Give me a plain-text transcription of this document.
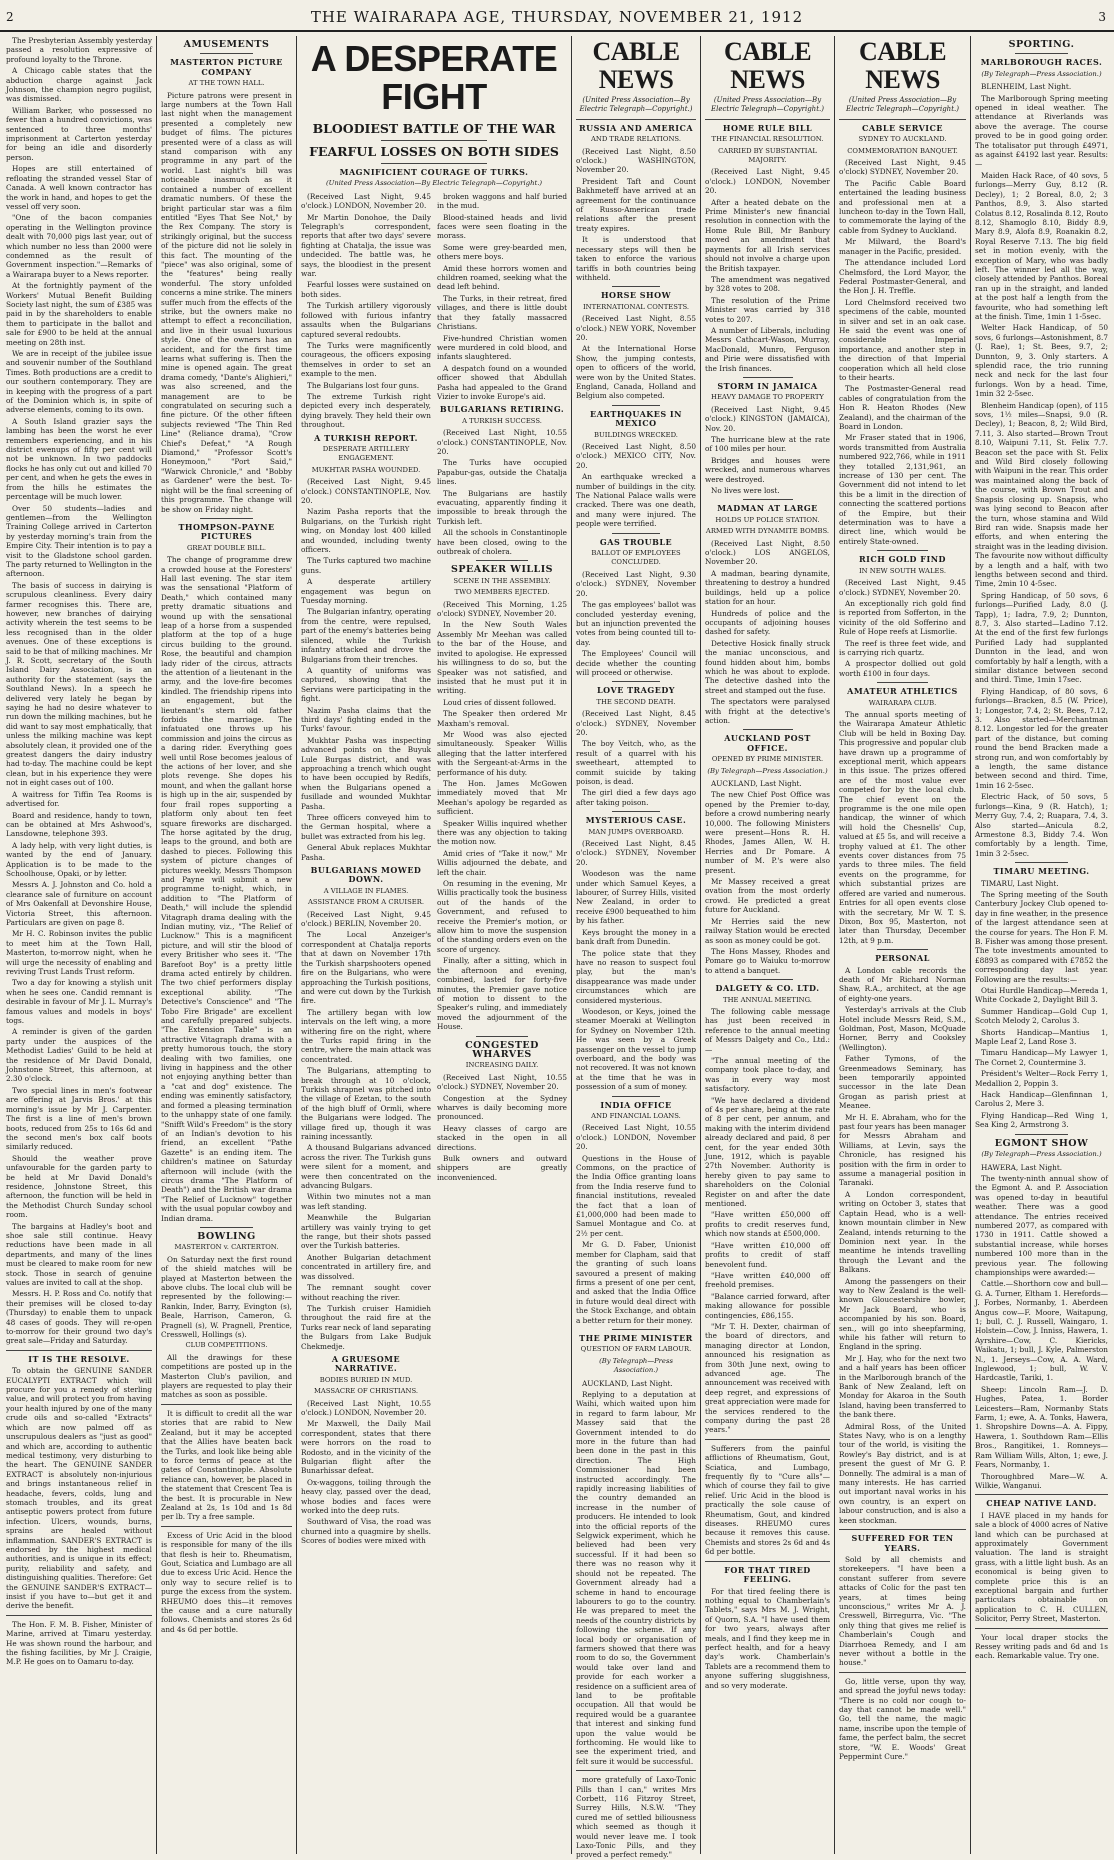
2	THE WAIRARAPA AGE, THURSDAY, NOVEMBER 21, 1912	3

The Presbyterian Assembly yesterday passed a resolution expressive of profound loyalty to the Throne.

A Chicago cable states that the abduction charge against Jack Johnson, the champion negro pugilist, was dismissed.

William Barker, who possessed no fewer than a hundred convictions, was sentenced to three months' imprisonment at Carterton yesterday for being an idle and disorderly person.

Hopes are still entertained of refloating the stranded vessel Star of Canada. A well known contractor has the work in hand, and hopes to get the vessel off very soon.

"One of the bacon companies operating in the Wellington province dealt with 70,000 pigs last year, out of which number no less than 2000 were condemned as the result of Government inspection."—Remarks of a Wairarapa buyer to a News reporter.

At the fortnightly payment of the Workers' Mutual Benefit Building Society last night, the sum of £385 was paid in by the shareholders to enable them to participate in the ballot and sale for £900 to be held at the annual meeting on 28th inst.

We are in receipt of the jubilee issue and souvenir number of the Southland Times. Both productions are a credit to our southern contemporary. They are in keeping with the progress of a part of the Dominion which is, in spite of adverse elements, coming to its own.

A South Island grazier says the lambing has been the worst he ever remembers experiencing, and in his district ewenups of fifty per cent will not be unknown. In two paddocks flocks he has only cut out and killed 70 per cent, and when he gets the ewes in from the hills he estimates the percentage will be much lower.

Over 50 students—ladies and gentlemen—from the Wellington Training College arrived in Carterton by yesterday morning's train from the Empire City. Their intention is to pay a visit to the Gladstone school garden. The party returned to Wellington in the afternoon.

The basis of success in dairying is scrupulous cleanliness. Every dairy farmer recognises this. There are, however, new branches of dairying activity wherein the test seems to be less recognised than in the older avenues. One of these exceptions is said to be that of milking machines. Mr J. R. Scott, secretary of the South Island Dairy Association, is an authority for the statement (says the Southland News). In a speech he delivered very lately he began by saying he had no desire whatever to run down the milking machines, but he did want to say most emphatically, that unless the milking machine was kept absolutely clean, it provided one of the greatest dangers the dairy industry had to-day. The machine could be kept clean, but in his experience they were not in eight cases out of 100.

A waitress for Tiffin Tea Rooms is advertised for.

Board and residence, handy to town, can be obtained at Mrs Ashwood's, Lansdowne, telephone 393.

A lady help, with very light duties, is wanted by the end of January. Application is to be made to the Schoolhouse, Opaki, or by letter.

Messrs A. J. Johnston and Co. hold a clearance sale of furniture on account of Mrs Oakenfall at Devonshire House, Victoria Street, this afternoon. Particulars are given on page 8.

Mr H. C. Robinson invites the public to meet him at the Town Hall, Masterton, to-morrow night, when he will urge the necessity of enabling and reviving Trust Lands Trust reform.

Two a day for knowing a stylish unit when he sees one. Candid remnant is desirable in favour of Mr J. L. Murray's famous values and models in boys' togs.

A reminder is given of the garden party under the auspices of the Methodist Ladies' Guild to be held at the residence of Mr David Donald, Johnstone Street, this afternoon, at 2.30 o'clock.

Two special lines in men's footwear are offering at Jarvis Bros.' at this morning's issue by Mr J. Carpenter. The first is a line of men's brown boots, reduced from 25s to 16s 6d and the second men's box calf boots similarly reduced.

Should the weather prove unfavourable for the garden party to be held at Mr David Donald's residence, Johnstone Street, this afternoon, the function will be held in the Methodist Church Sunday school room.

The bargains at Hadley's boot and shoe sale still continue. Heavy reductions have been made in all departments, and many of the lines must be cleared to make room for new stock. Those in search of genuine values are invited to call at the shop.

Messrs. H. P. Ross and Co. notify that their premises will be closed to-day (Thursday) to enable them to unpack 48 cases of goods. They will re-open to-morrow for their ground two day's great sale—Friday and Saturday.

IT IS THE RESOLVE.

To obtain the GENUINE SANDER EUCALYPTI EXTRACT which will procure for you a remedy of sterling value, and will protect you from having your health injured by one of the many crude oils and so-called "Extracts" which are now palmed off as unscrupulous dealers as "just as good" and which are, according to authentic medical testimony, very disturbing to the heart. The GENUINE SANDER EXTRACT is absolutely non-injurious and brings instantaneous relief in headache, fevers, colds, lung and stomach troubles, and its great antiseptic powers protect from future infection. Ulcers, wounds, burns, sprains are healed without inflammation. SANDER'S EXTRACT is endorsed by the highest medical authorities, and is unique in its effect; purity, reliability and safety, and distinguishing qualities. Therefore: Get the GENUINE SANDER'S EXTRACT—insist if you have to—but get it and derive the benefit.

The Hon. F. M. B. Fisher, Minister of Marine, arrived at Timaru yesterday. He was shown round the harbour, and the fishing facilities, by Mr J. Craigie, M.P. He goes on to Oamaru to-day.

AMUSEMENTS
MASTERTON PICTURE COMPANY
AT THE TOWN HALL.

Picture patrons were present in large numbers at the Town Hall last night when the management presented a completely new budget of films. The pictures presented were of a class as will stand comparison with any programme in any part of the world. Last night's bill was noticeable inasmuch as it contained a number of excellent dramatic numbers. Of these the bright particular star was a film entitled "Eyes That See Not," by the Rex Company. The story is strikingly original, but the success of the picture did not lie solely in this fact. The mounting of the "piece" was also original, some of the "features" being really wonderful. The story unfolded concerns a mine strike. The miners suffer much from the effects of the strike, but the owners make no attempt to effect a reconciliation, and live in their usual luxurious style. One of the owners has an accident, and for the first time learns what suffering is. Then the mine is opened again. The great drama comedy, "Dante's Alighieri," was also screened, and the management are to be congratulated on securing such a fine picture. Of the other fifteen subjects reviewed "The Thin Red Line" (Reliance drama), "Crow Chief's Defeat," "A Rough Diamond," "Professor Scott's Honeymoon," "Port Said," "Warwick Chronicle," and "Bobby as Gardener" were the best. To-night will be the final screening of this programme. The change will be show on Friday night.

THOMPSON-PAYNE PICTURES
GREAT DOUBLE BILL.

The change of programme drew a crowded house at the Foresters' Hall last evening. The star item was the sensational "Platform of Death," which contained many pretty dramatic situations and wound up with the sensational leap of a horse from a suspended platform at the top of a huge circus building to the ground. Rose, the beautiful and champion lady rider of the circus, attracts the attention of a lieutenant in the army, and the love-fire becomes kindled. The friendship ripens into an engagement, but the lieutenant's stern old father forbids the marriage. The infatuated one throws up his commission and joins the circus as a daring rider. Everything goes well until Rose becomes jealous of the actions of her lover, and she plots revenge. She dopes his mount, and when the gallant horse is high up in the air, suspended by four frail ropes supporting a platform only about ten feet square fireworks are discharged. The horse agitated by the drug, leaps to the ground, and both are dashed to pieces. Following this system of picture changes of pictures weekly, Messrs Thompson and Payne will submit a new programme to-night, which, in addition to "The Platform of Death," will include the splendid Vitagraph drama dealing with the Indian mutiny, viz., "The Relief of Lucknow." This is a magnificent picture, and will stir the blood of every Britisher who sees it. "The Barefoot Boy" is a pretty little drama acted entirely by children. The two chief performers display exceptional ability. "The Detective's Conscience" and "The Tobo Fire Brigade" are excellent and carefully prepared subjects. "The Extension Table" is an attractive Vitagraph drama with a pretty humorous touch, the story dealing with two families, one living in happiness and the other not enjoying anything better than a "cat and dog" existence. The ending was eminently satisfactory, and formed a pleasing termination to the unhappy state of one family. "Snifft Wild's Freedom" is the story of an Indian's devotion to his friend, an excellent "Pathe Gazette" is an ending item. The children's matinee on Saturday afternoon will include (with the circus drama "The Platform of Death") and the British war drama "The Relief of Lucknow" together with the usual popular cowboy and Indian drama.

BOWLING
MASTERTON v. CARTERTON.

On Saturday next the first round of the shield matches will be played at Masterton between the above clubs. The local club will be represented by the following:—Rankin, Inder, Barry, Evington (s), Beale, Harrison, Cameron, G. Pragnell (s), W. Pragnell, Prentice, Cresswell, Hollings (s).

CLUB COMPETITIONS.

All the drawings for these competitions are posted up in the Masterton Club's pavilion, and players are requested to play their matches as soon as possible.

It is difficult to credit all the war stories that are rabid to New Zealand, but it may be accepted that the Allies have beaten back the Turks, and look like being able to force terms of peace at the gates of Constantinople. Absolute reliance can, however, be placed in the statement that Crescent Tea is the best. It is procurable in New Zealand at 2s, 1s 10d and 1s 8d per lb. Try a free sample.

Excess of Uric Acid in the blood is responsible for many of the ills that flesh is heir to. Rheumatism, Gout, Sciatica and Lumbago are all due to excess Uric Acid. Hence the only way to secure relief is to purge the excess from the system. RHEUMO does this—it removes the cause and a cure naturally follows. Chemists and stores 2s 6d and 4s 6d per bottle.

A DESPERATE FIGHT
BLOODIEST BATTLE OF THE WAR
FEARFUL LOSSES ON BOTH SIDES
MAGNIFICIENT COURAGE OF TURKS.
(United Press Association—By Electric Telegraph—Copyright.)

(Received Last Night, 9.45 o'clock.) LONDON, November 20.

Mr Martin Donohoe, the Daily Telegraph's correspondent, reports that after two days' severe fighting at Chatalja, the issue was undecided. The battle was, he says, the bloodiest in the present war.

Fearful losses were sustained on both sides.

The Turkish artillery vigorously followed with furious infantry assaults when the Bulgarians captured several redoubts.

The Turks were magnificently courageous, the officers exposing themselves in order to set an example to the men.

The Bulgarians lost four guns.

The extreme Turkish right depicted every inch desperately, dying bravely. They held their own throughout.

A TURKISH REPORT.
DESPERATE ARTILLERY ENGAGEMENT.
MUKHTAR PASHA WOUNDED.

(Received Last Night, 9.45 o'clock.) CONSTANTINOPLE, Nov. 20.

Nazim Pasha reports that the Bulgarians, on the Turkish right wing, on Monday lost 400 killed and wounded, including twenty officers.

The Turks captured two machine guns.

A desperate artillery engagement was begun on Tuesday morning.

The Bulgarian infantry, operating from the centre, were repulsed, part of the enemy's batteries being silenced, while the Turkish infantry attacked and drove the Bulgarians from their trenches.

A quantity of uniforms was captured, showing that the Servians were participating in the fight.

Nazim Pasha claims that the third days' fighting ended in the Turks' favour.

Mukhtar Pasha was inspecting advanced points on the Buyuk Lule Burgas district, and was approaching a trench which ought to have been occupied by Redifs, when the Bulgarians opened a fusillade and wounded Mukhtar Pasha.

Three officers conveyed him to the German hospital, where a bullet was extracted from his leg.

General Abuk replaces Mukhtar Pasha.

BULGARIANS MOWED DOWN.
A VILLAGE IN FLAMES.
ASSISTANCE FROM A CRUISER.

(Received Last Night, 9.45 o'clock.) BERLIN, November 20.

The Local Anzeiger's correspondent at Chatalja reports that at dawn on November 17th the Turkish sharpshooters opened fire on the Bulgarians, who were approaching the Turkish positions, and were cut down by the Turkish fire.

The artillery began with low intervals on the left wing, a more withering fire on the right, where the Turks rapid firing in the centre, where the main attack was concentrated.

The Bulgarians, attempting to break through at 10 o'clock, Turkish shrapnel was pitched into the village of Ezetan, to the south of the high bluff of Ormli, where the Bulgarians were lodged. The village fired up, though it was raining incessantly.

A thousand Bulgarians advanced across the river. The Turkish guns were silent for a moment, and were then concentrated on the advancing Bulgars.

Within two minutes not a man was left standing.

Meanwhile the Bulgarian artillery was vainly trying to get the range, but their shots passed over the Turkish batteries.

Another Bulgarian detachment concentrated in artillery fire, and was dissolved.

The remnant sought cover without reaching the river.

The Turkish cruiser Hamidieh throughout the raid fire at the Turks rear neck of land separating the Bulgars from Lake Budjuk Chekmedje.

A GRUESOME NARRATIVE.
BODIES BURIED IN MUD.
MASSACRE OF CHRISTIANS.

(Received Last Night, 10.55 o'clock.) LONDON, November 20.

Mr Maxwell, the Daily Mail correspondent, states that there were horrors on the road to Rodosto, and in the vicinity of the Bulgarian flight after the Bunarhissar defeat.

Ox-waggons, toiling through the heavy clay, passed over the dead, whose bodies and faces were worked into the deep ruts.

Southward of Visa, the road was churned into a quagmire by shells. Scores of bodies were mixed with

broken waggons and half buried in the mud.

Blood-stained heads and livid faces were seen floating in the morass.

Some were grey-bearded men, others mere boys.

Amid these horrors women and children roamed, seeking what the dead left behind.

The Turks, in their retreat, fired villages, and there is little doubt that they fatally massacred Christians.

Five-hundred Christian women were murdered in cold blood, and infants slaughtered.

A despatch found on a wounded officer showed that Abdullah Pasha had appealed to the Grand Vizier to invoke Europe's aid.

BULGARIANS RETIRING.
A TURKISH SUCCESS.

(Received Last Night, 10.55 o'clock.) CONSTANTINOPLE, Nov. 20.

The Turks have occupied Papabur-gas, outside the Chatalja lines.

The Bulgarians are hastily evacuating, apparently finding it impossible to break through the Turkish left.

All the schools in Constantinople have been closed, owing to the outbreak of cholera.

SPEAKER WILLIS
SCENE IN THE ASSEMBLY.
TWO MEMBERS EJECTED.

(Received This Morning, 1.25 o'clock) SYDNEY, November 20.

In the New South Wales Assembly Mr Meehan was called to the bar of the House, and invited to apologise. He expressed his willingness to do so, but the Speaker was not satisfied, and insisted that he must put it in writing.

Loud cries of dissent followed.

The Speaker then ordered Mr Maxham's removal.

Mr Wood was also ejected simultaneously. Speaker Willis alleging that the latter interfered with the Sergeant-at-Arms in the performance of his duty.

The Hon. James McGowen immediately moved that Mr Meehan's apology be regarded as sufficient.

Speaker Willis inquired whether there was any objection to taking the motion now.

Amid cries of "Take it now," Mr Willis adjourned the debate, and left the chair.

On resuming in the evening, Mr Willis practically took the business out of the hands of the Government, and refused to receive the Premier's motion, or allow him to move the suspension of the standing orders even on the score of urgency.

Finally, after a sitting, which in the afternoon and evening, combined, lasted for forty-five minutes, the Premier gave notice of motion to dissent to the Speaker's ruling, and immediately moved the adjournment of the House.

CONGESTED WHARVES
INCREASING DAILY.

(Received Last Night, 10.55 o'clock.) SYDNEY, November 20.

Congestion at the Sydney wharves is daily becoming more pronounced.

Heavy classes of cargo are stacked in the open in all directions.

Bulk owners and outward shippers are greatly inconvenienced.

CABLE NEWS
(United Press Association—By Electric Telegraph—Copyright.)
RUSSIA AND AMERICA
AND TRADE RELATIONS.

(Received Last Night, 8.50 o'clock.) WASHINGTON, November 20.

President Taft and Count Bakhmeteff have arrived at an agreement for the continuance of Russo-American trade relations after the present treaty expires.

It is understood that necessary steps will then be taken to enforce the various tariffs in both countries being withheld.

HORSE SHOW
INTERNATIONAL CONTESTS.

(Received Last Night, 8.55 o'clock.) NEW YORK, November 20.

At the International Horse Show, the jumping contests, open to officers of the world, were won by the United States. England, Canada, Holland and Belgium also competed.

EARTHQUAKES IN MEXICO
BUILDINGS WRECKED.

(Received Last Night, 8.50 o'clock.) MEXICO CITY, Nov. 20.

An earthquake wrecked a number of buildings in the city. The National Palace walls were cracked. There was one death, and many were injured. The people were terrified.

GAS TROUBLE
BALLOT OF EMPLOYEES CONCLUDED.

(Received Last Night, 9.30 o'clock.) SYDNEY, November 20.

The gas employees' ballot was concluded yesterday evening, but an injunction prevented the votes from being counted till to-day.

The Employees' Council will decide whether the counting will proceed or otherwise.

LOVE TRAGEDY
THE SECOND DEATH.

(Received Last Night, 8.45 o'clock.) SYDNEY, November 20.

The boy Veitch, who, as the result of a quarrel with his sweetheart, attempted to commit suicide by taking poison, is dead.

The girl died a few days ago after taking poison.

MYSTERIOUS CASE.
MAN JUMPS OVERBOARD.

(Received Last Night, 8.45 o'clock.) SYDNEY, November 20.

Woodeson was the name under which Samuel Keyes, a labourer, of Surrey Hills, visited New Zealand, in order to receive £900 bequeathed to him by his father.

Keys brought the money in a bank draft from Dunedin.

The police state that they have no reason to suspect foul play, but the man's disappearance was made under circumstances which are considered mysterious.

Woodeson, or Keys, joined the steamer Moeraki at Wellington for Sydney on November 12th. He was seen by a Greek passenger on the vessel to jump overboard, and the body was not recovered. It was not known at the time that he was in possession of a sum of money.

INDIA OFFICE
AND FINANCIAL LOANS.

(Received Last Night, 10.55 o'clock.) LONDON, November 20.

Questions in the House of Commons, on the practice of the India Office granting loans from the India reserve fund to financial institutions, revealed the fact that a loan of £1,000,000 had been made to Samuel Montague and Co. at 2½ per cent.

Mr G. D. Faber, Unionist member for Clapham, said that the granting of such loans savoured a present of making firms a present of one per cent, and asked that the India Office in future would deal direct with the Stock Exchange, and obtain a better return for their money.

THE PRIME MINISTER
QUESTION OF FARM LABOUR.
(By Telegraph—Press Association.)

AUCKLAND, Last Night.

Replying to a deputation at Waihi, which waited upon him in regard to farm labour, Mr Massey said that the Government intended to do more in the future than had been done in the past in this direction. The High Commissioner had been instructed accordingly. The rapidly increasing liabilities of the country demanded an increase in the number of producers. He intended to look into the official reports of the Selgwick experiment, which he believed had been very successful. If it had been so there was no reason why it should not be repeated. The Government already had a scheme in hand to encourage labourers to go to the country. He was prepared to meet the needs of the country districts by following the scheme. If any local body or organisation of farmers showed that there was room to do so, the Government would take over land and provide for each worker a residence on a sufficient area of land to be profitable occupation. All that would be required would be a guarantee that interest and sinking fund upon the value would be forthcoming. He would like to see the experiment tried, and felt sure it would be successful.

more gratefully of Laxo-Tonic Pills than I can," writes Mrs Corbett, 116 Fitzroy Street, Surrey Hills, N.S.W. "They cured me of settled biliousness which seemed as though it would never leave me. I took Laxo-Tonic Pills, and they proved a perfect remedy."

CABLE NEWS
(United Press Association—By Electric Telegraph—Copyright.)
HOME RULE BILL
THE FINANCIAL RESOLUTION.
CARRIED BY SUBSTANTIAL MAJORITY.

(Received Last Night, 9.45 o'clock.) LONDON, November 20.

After a heated debate on the Prime Minister's new financial resolution in connection with the Home Rule Bill, Mr Banbury moved an amendment that payments for all Irish services should not involve a charge upon the British taxpayer.

The amendment was negatived by 328 votes to 208.

The resolution of the Prime Minister was carried by 318 votes to 207.

A number of Liberals, including Messrs Cathcart-Wason, Murray, MacDonald, Munro, Ferguson and Pirie were dissatisfied with the Irish finances.

STORM IN JAMAICA
HEAVY DAMAGE TO PROPERTY

(Received Last Night, 9.45 o'clock.) KINGSTON (JAMAICA), Nov. 20.

The hurricane blew at the rate of 100 miles per hour.

Bridges and houses were wrecked, and numerous wharves were destroyed.

No lives were lost.

MADMAN AT LARGE
HOLDS UP POLICE STATION.
ARMED WITH DYNAMITE BOMBS.

(Received Last Night, 8.50 o'clock.) LOS ANGELOS, November 20.

A madman, bearing dynamite, threatening to destroy a hundred buildings, held up a police station for an hour.

Hundreds of police and the occupants of adjoining houses dashed for safety.

Detective Hosick finally struck the maniac unconscious, and found hidden about him, bombs which he was about to explode. The detective dashed into the street and stamped out the fuse.

The spectators were paralysed with fright at the detective's action.

AUCKLAND POST OFFICE.
OPENED BY PRIME MINISTER.
(By Telegraph—Press Association.)

AUCKLAND, Last Night.

The new Chief Post Office was opened by the Premier to-day, before a crowd numbering nearly 10,000. The following Ministers were present—Hons R. H. Rhodes, James Allen, W. H. Herries and Dr Pomare. A number of M. P.'s were also present.

Mr Massey received a great ovation from the most orderly crowd. He predicted a great future for Auckland.

Mr Herries said the new railway Station would be erected as soon as money could be got.

The Hons Massey, Rhodes and Pomare go to Waiuku to-morrow to attend a banquet.

DALGETY & CO. LTD.
THE ANNUAL MEETING.

The following cable message has just been received in reference to the annual meeting of Messrs Dalgety and Co., Ltd.:—

"The annual meeting of the company took place to-day, and was in every way most satisfactory.

"We have declared a dividend of 4s per share, being at the rate of 8 per cent, per annum, and making with the interim dividend already declared and paid, 8 per cent, for the year ended 30th June, 1912, which is payable 27th November. Authority is hereby given to pay same to shareholders on the Colonial Register on and after the date mentioned.

"Have written £50,000 off profits to credit reserves fund, which now stands at £500,000.

"Have written £10,000 off profits to credit of staff benevolent fund.

"Have written £40,000 off freehold premises.

"Balance carried forward, after making allowance for possible contingencies, £86,155.

"Mr T. H. Dexter, chairman of the board of directors, and managing director at London, announced his resignation as from 30th June next, owing to advanced age. The announcement was received with deep regret, and expressions of great appreciation were made for the services rendered to the company during the past 28 years."

Sufferers from the painful afflictions of Rheumatism, Gout, Sciatica, and Lumbago, frequently fly to "Cure alls"—which of course they fail to give relief. Uric Acid in the blood is practically the sole cause of Rheumatism, Gout, and kindred diseases. RHEUMO cures because it removes this cause. Chemists and stores 2s 6d and 4s 6d per bottle.

FOR THAT TIRED FEELING.

For that tired feeling there is nothing equal to Chamberlain's Tablets," says Mrs M. J. Wright, of Quorn, S.A. "I have used them for two years, always after meals, and I find they keep me in perfect health, and for a heavy day's work. Chamberlain's Tablets are a recommend them to anyone suffering sluggishness, and so very moderate.

CABLE NEWS
(United Press Association—By Electric Telegraph—Copyright.)
CABLE SERVICE
SYDNEY TO AUCKLAND.
COMMEMORATION BANQUET.

(Received Last Night, 9.45 o'clock) SYDNEY, November 20.

The Pacific Cable Board entertained the leading business and professional men at a luncheon to-day in the Town Hall, to commemorate the laying of the cable from Sydney to Auckland.

Mr Milward, the Board's manager in the Pacific, presided.

The attendance included Lord Chelmsford, the Lord Mayor, the Federal Postmaster-General, and the Hon J. H. Treffle.

Lord Chelmsford received two specimens of the cable, mounted in silver and set in an oak case. He said the event was one of considerable Imperial importance, and another step in the direction of that Imperial cooperation which all held close to their hearts.

The Postmaster-General read cables of congratulation from the Hon R. Heaton Rhodes (New Zealand), and the chairman of the Board in London.

Mr Fraser stated that in 1906, words transmitted from Australia numbered 922,766, while in 1911 they totalled 2,131,961, an increase of 130 per cent. The Government did not intend to let this be a limit in the direction of connecting the scattered portions of the Empire, but their determination was to have a direct line, which would be entirely State-owned.

RICH GOLD FIND
IN NEW SOUTH WALES.

(Received Last Night, 9.45 o'clock.) SYDNEY, November 20.

An exceptionally rich gold find is reported from Sofferton, in the vicinity of the old Sofferino and Rule of Hope reefs at Lismorlie.

The reef is three feet wide, and is carrying rich quartz.

A prospector dollied out gold worth £100 in four days.

AMATEUR ATHLETICS
WAIRARAPA CLUB.

The annual sports meeting of the Wairarapa Amateur Athletic Club will be held in Boxing Day. This progressive and popular club have drawn up a programme of exceptional merit, which appears in this issue. The prizes offered are of the most value ever competed for by the local club. The chief event on the programme is the one mile open handicap, the winner of which will hold the Chesnells' Cup, valued at £5 5s, and will receive a trophy valued at £1. The other events cover distances from 75 yards to three miles. The field events on the programme, for which substantial prizes are offered are varied and numerous. Entries for all open events close with the secretary, Mr W. T. S. Dixon, Box 95, Masterton, not later than Thursday, December 12th, at 9 p.m.

PERSONAL

A London cable records the death of Mr Richard Norman Shaw, R.A., architect, at the age of eighty-one years.

Yesterday's arrivals at the Club Hotel include Messrs Reid, S.M., Goldman, Post, Mason, McQuade Horner, Berry and Cooksley (Wellington).

Father Tymons, of the Greenmeadows Seminary, has been temporarily appointed successor in the late Dean Grogan as parish priest at Meanee.

Mr H. E. Abraham, who for the past four years has been manager for Messrs Abraham and Williams, at Levin, says the Chronicle, has resigned his position with the firm in order to assume a managerial position in Taranaki.

A London correspondent, writing on October 3, states that Captain Head, who is a well-known mountain climber in New Zealand, intends returning to the Dominion next year. In the meantime he intends travelling through the Levant and the Balkans.

Among the passengers on their way to New Zealand is the well-known Gloucestershire bowler, Mr Jack Board, who is accompanied by his son. Board, sen., will go into sheepfarming, while his father will return to England in the spring.

Mr J. Hay, who for the next two and a half years has been officer in the Marlborough branch of the Bank of New Zealand, left on Monday for Akaroa in the South Island, having been transferred to the bank there.

Admiral Ross, of the United States Navy, who is on a lengthy tour of the world, is visiting the Rowley's Bay district, and is at present the guest of Mr G. P. Donnelly. The admiral is a man of many interests. He has carried out important naval works in his own country, is an expert on labour construction, and is also a keen stockman.

SUFFERED FOR TEN YEARS.

Sold by all chemists and storekeepers. "I have been a constant sufferer from severe attacks of Colic for the past ten years, at times being unconscious," writes Mr A. J. Cresswell, Birregurra, Vic. "The only thing that gives me relief is Chamberlain's Cough and Diarrhoea Remedy, and I am never without a bottle in the house."

Go, little verse, upon thy way, and spread the joyful news today: "There is no cold nor cough to-day that cannot be made well." Go, tell the name, the magic name, inscribe upon the temple of fame, the perfect balm, the secret store, "W. E. Woods' Great Peppermint Cure."

SPORTING.
MARLBOROUGH RACES.
(By Telegraph—Press Association.)

BLENHEIM, Last Night.

The Marlborough Spring meeting opened in ideal weather. The attendance at Riverlands was above the average. The course proved to be in good going order. The totalisator put through £4971, as against £4192 last year. Results:—

Maiden Hack Race, of 40 sovs, 5 furlongs—Merry Guy, 8.12 (R. Decley), 1; 2 Boreal, 8.0, 2; 3 Panthos, 8.9, 3. Also started Colatus 8.12, Rosalinda 8.12, Routo 8.12, Shamoglo 8.10, Biddy 8.9, Mary 8.9, Alofa 8.9, Roanakin 8.2, Royal Reserve 7.13. The big field set in motion evenly, with the exception of Mary, who was badly left. The winner led all the way, closely attended by Panthos. Boreal ran up in the straight, and landed at the post half a length from the favourite, who had something left at the finish. Time, 1min 1 1-5sec.

Welter Hack Handicap, of 50 sovs, 6 furlongs—Astonishment, 8.7 (J. Rae), 1; St. Bees, 9.7, 2; Dunnton, 9, 3. Only starters. A splendid race, the trio running neck and neck for the last four furlongs. Won by a head. Time, 1min 32 2-5sec.

Blenheim Handicap (open), of 115 sovs, 1½ miles—Snapsi, 9.0 (R. Decley), 1; Beacon, 8, 2; Wild Bird, 7.11, 3. Also started—Brown Trout 8.10, Waipuni 7.11, St. Felix 7.7. Beacon set the pace with St. Felix and Wild Bird closely following with Waipuni in the rear. This order was maintained along the back of the course, with Brown Trout and Snapsis closing up. Snapsis, who was lying second to Beacon after the turn, whose stamina and Wild Bird ran wide. Snapsis made her efforts, and when entering the straight was in the leading division. The favourite now without difficulty by a length and a half, with two lengths between second and third. Time, 2min 10 4-5sec.

Spring Handicap, of 50 sovs, 6 furlongs—Purified Lady, 8.0 (J. Tapp), 1; Iadra, 7.9, 2; Dunnton, 8.7, 3. Also started—Ladino 7.12. At the end of the first few furlongs Purified Lady had supplanted Dunnton in the lead, and won comfortably by half a length, with a similar distance between second and third. Time, 1min 17sec.

Flying Handicap, of 80 sovs, 6 furlongs—Bracken, 8.5 (W. Price), 1; Longestor, 7.4, 2; St. Bees, 7.12, 3. Also started—Merchantman 8.12. Longestor led for the greater part of the distance, but coming round the bend Bracken made a strong run, and won comfortably by a length, the same distance between second and third. Time, 1min 16 2-5sec.

Electric Hack, of 50 sovs, 5 furlongs—Kina, 9 (R. Hatch), 1; Merry Guy, 7.4, 2; Ruapara, 7.4, 3. Also started—Anicula 8.2, Armestone 8.3, Biddy 7.4. Won comfortably by a length. Time, 1min 3 2-5sec.

TIMARU MEETING.

TIMARU, Last Night.

The Spring meeting of the South Canterbury Jockey Club opened to-day in fine weather, in the presence of the largest attendance seen at the course for years. The Hon F. M. B. Fisher was among those present. The tote investments amounted to £8893 as compared with £7852 the corresponding day last year. Following are the results:—

Otai Hurdle Handicap—Mereda 1, White Cockade 2, Daylight Bill 3.

Summer Handicap—Gold Cup 1, Scotch Melody 2, Carolus 3.

Shorts Handicap—Mantius 1, Maple Leaf 2, Land Rose 3.

Timaru Handicap—My Lawyer 1, The Cornet 2, Countermine 3.

Président's Welter—Rock Ferry 1, Medallion 2, Poppin 3.

Hack Handicap—Glenfinnan 1, Carolus 2, Mere 3.

Flying Handicap—Red Wing 1, Sea King 2, Armstrong 3.

EGMONT SHOW
(By Telegraph—Press Association.)

HAWERA, Last Night.

The twenty-ninth annual show of the Egmont A. and P. Association was opened to-day in beautiful weather. There was a good attendance. The entries received numbered 2077, as compared with 1730 in 1911. Cattle showed a substantial increase, while horses numbered 100 more than in the previous year. The following championships were awarded:—

Cattle.—Shorthorn cow and bull—G. A. Turner, Eltham 1. Herefords—J. Forbes, Normanby, 1. Aberdeen Angus cow—F. Moore, Waitapung, 1; bull, C. J. Russell, Waingaro, 1. Holstein—Cow, J. Inniss, Hawera, 1. Ayrshire—Cow, C. Kiericks, Waikatu, 1; bull, J. Kyle, Palmerston N., 1. Jerseys—Cow, A. A. Ward, Inglewood, 1; bull, W. V. Hardcastle, Tariki, 1.

Sheep: Lincoln Ram—J. D. Hughes, Patea, 1. Border Leicesters—Ram, Normanby Stats Farm, 1; ewe, A. A. Tonks, Hawera, 1. Shropshire Downs—A. A. Fippy, Hawera, 1. Southdown Ram—Ellis Bros., Rangitikei, 1. Romneys—Ram William Wills, Alton, 1; ewe, J. Fears, Normanby, 1.

Thoroughbred Mare—W. A. Wilkie, Wanganui.

CHEAP NATIVE LAND.

I HAVE placed in my hands for sale a block of 4000 acres of Native land which can be purchased at approximately Government valuation. The land is straight grass, with a little light bush. As an economical is being given to complete price this is an exceptional bargain and further particulars obtainable on application to C. H. CULLEN, Solicitor, Perry Street, Masterton.

Your local draper stocks the Ressey writing pads and 6d and 1s each. Remarkable value. Try one.
